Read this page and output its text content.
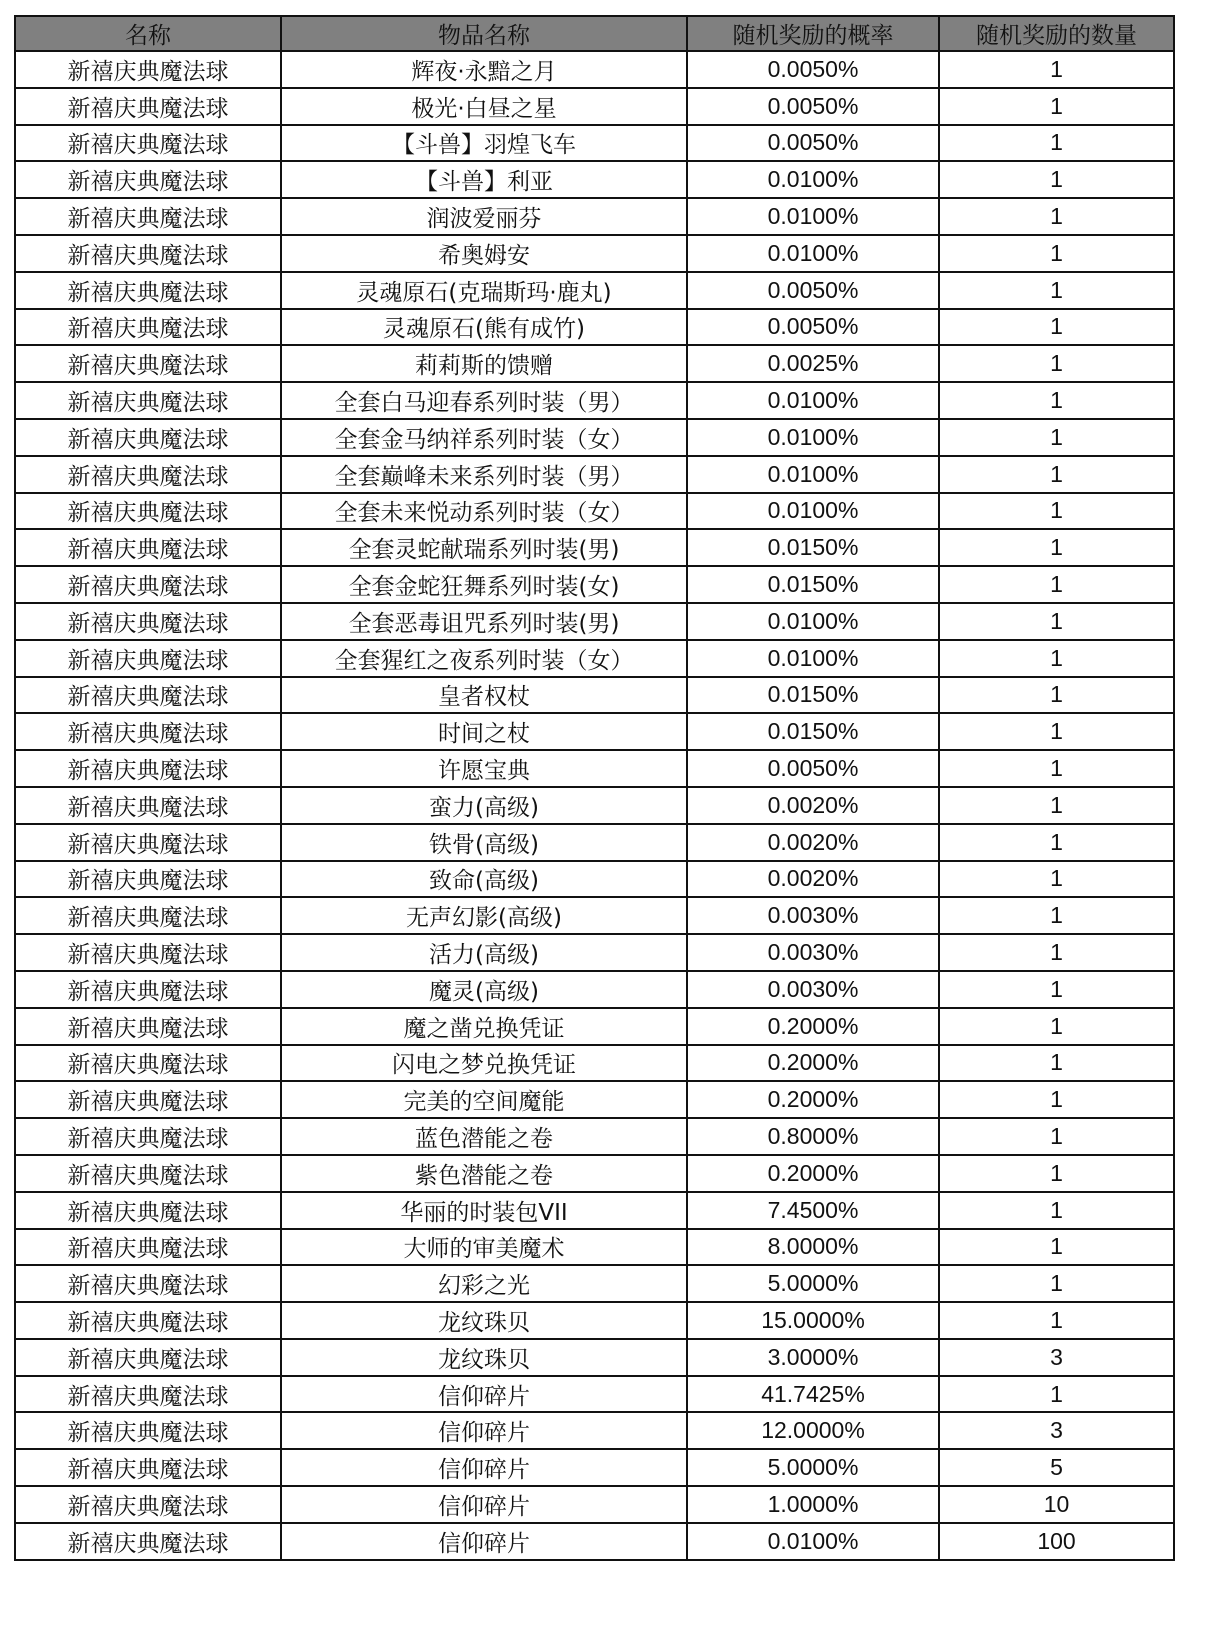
名称	物品名称	随机奖励的概率	随机奖励的数量
新禧庆典魔法球	辉夜·永黯之月	0.0050%	1
新禧庆典魔法球	极光·白昼之星	0.0050%	1
新禧庆典魔法球	【斗兽】羽煌飞车	0.0050%	1
新禧庆典魔法球	【斗兽】利亚	0.0100%	1
新禧庆典魔法球	润波爱丽芬	0.0100%	1
新禧庆典魔法球	希奥姆安	0.0100%	1
新禧庆典魔法球	灵魂原石(克瑞斯玛·鹿丸)	0.0050%	1
新禧庆典魔法球	灵魂原石(熊有成竹)	0.0050%	1
新禧庆典魔法球	莉莉斯的馈赠	0.0025%	1
新禧庆典魔法球	全套白马迎春系列时装（男）	0.0100%	1
新禧庆典魔法球	全套金马纳祥系列时装（女）	0.0100%	1
新禧庆典魔法球	全套巅峰未来系列时装（男）	0.0100%	1
新禧庆典魔法球	全套未来悦动系列时装（女）	0.0100%	1
新禧庆典魔法球	全套灵蛇献瑞系列时装(男)	0.0150%	1
新禧庆典魔法球	全套金蛇狂舞系列时装(女)	0.0150%	1
新禧庆典魔法球	全套恶毒诅咒系列时装(男)	0.0100%	1
新禧庆典魔法球	全套猩红之夜系列时装（女）	0.0100%	1
新禧庆典魔法球	皇者权杖	0.0150%	1
新禧庆典魔法球	时间之杖	0.0150%	1
新禧庆典魔法球	许愿宝典	0.0050%	1
新禧庆典魔法球	蛮力(高级)	0.0020%	1
新禧庆典魔法球	铁骨(高级)	0.0020%	1
新禧庆典魔法球	致命(高级)	0.0020%	1
新禧庆典魔法球	无声幻影(高级)	0.0030%	1
新禧庆典魔法球	活力(高级)	0.0030%	1
新禧庆典魔法球	魔灵(高级)	0.0030%	1
新禧庆典魔法球	魔之凿兑换凭证	0.2000%	1
新禧庆典魔法球	闪电之梦兑换凭证	0.2000%	1
新禧庆典魔法球	完美的空间魔能	0.2000%	1
新禧庆典魔法球	蓝色潜能之卷	0.8000%	1
新禧庆典魔法球	紫色潜能之卷	0.2000%	1
新禧庆典魔法球	华丽的时装包VII	7.4500%	1
新禧庆典魔法球	大师的审美魔术	8.0000%	1
新禧庆典魔法球	幻彩之光	5.0000%	1
新禧庆典魔法球	龙纹珠贝	15.0000%	1
新禧庆典魔法球	龙纹珠贝	3.0000%	3
新禧庆典魔法球	信仰碎片	41.7425%	1
新禧庆典魔法球	信仰碎片	12.0000%	3
新禧庆典魔法球	信仰碎片	5.0000%	5
新禧庆典魔法球	信仰碎片	1.0000%	10
新禧庆典魔法球	信仰碎片	0.0100%	100
